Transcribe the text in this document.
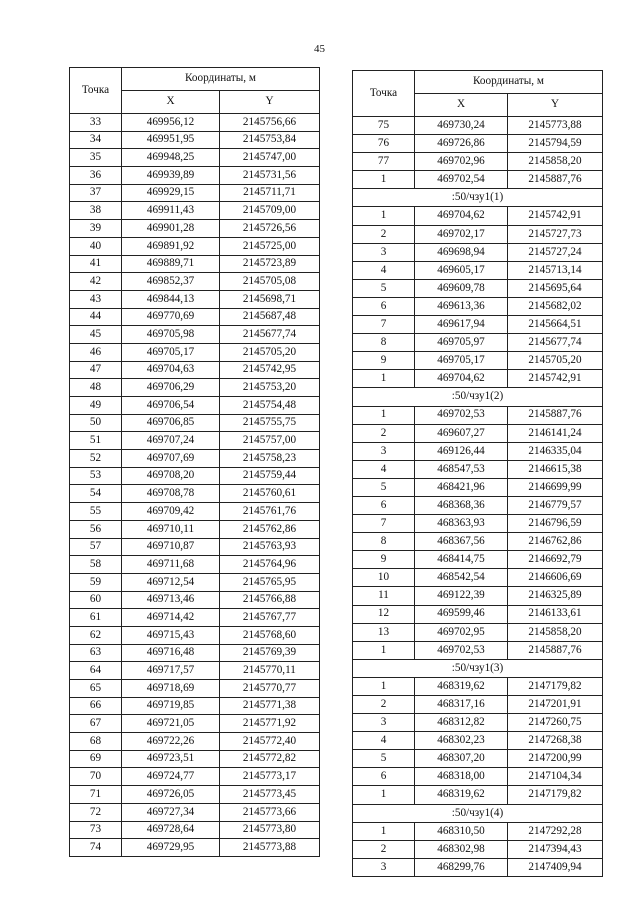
45
Точка	Координаты, м	
	X	Y
33	469956,12	2145756,66
34	469951,95	2145753,84
35	469948,25	2145747,00
36	469939,89	2145731,56
37	469929,15	2145711,71
38	469911,43	2145709,00
39	469901,28	2145726,56
40	469891,92	2145725,00
41	469889,71	2145723,89
42	469852,37	2145705,08
43	469844,13	2145698,71
44	469770,69	2145687,48
45	469705,98	2145677,74
46	469705,17	2145705,20
47	469704,63	2145742,95
48	469706,29	2145753,20
49	469706,54	2145754,48
50	469706,85	2145755,75
51	469707,24	2145757,00
52	469707,69	2145758,23
53	469708,20	2145759,44
54	469708,78	2145760,61
55	469709,42	2145761,76
56	469710,11	2145762,86
57	469710,87	2145763,93
58	469711,68	2145764,96
59	469712,54	2145765,95
60	469713,46	2145766,88
61	469714,42	2145767,77
62	469715,43	2145768,60
63	469716,48	2145769,39
64	469717,57	2145770,11
65	469718,69	2145770,77
66	469719,85	2145771,38
67	469721,05	2145771,92
68	469722,26	2145772,40
69	469723,51	2145772,82
70	469724,77	2145773,17
71	469726,05	2145773,45
72	469727,34	2145773,66
73	469728,64	2145773,80
74	469729,95	2145773,88
Точка	Координаты, м	
	X	Y
75	469730,24	2145773,88
76	469726,86	2145794,59
77	469702,96	2145858,20
1	469702,54	2145887,76
:50/чзу1(1)		
1	469704,62	2145742,91
2	469702,17	2145727,73
3	469698,94	2145727,24
4	469605,17	2145713,14
5	469609,78	2145695,64
6	469613,36	2145682,02
7	469617,94	2145664,51
8	469705,97	2145677,74
9	469705,17	2145705,20
1	469704,62	2145742,91
:50/чзу1(2)		
1	469702,53	2145887,76
2	469607,27	2146141,24
3	469126,44	2146335,04
4	468547,53	2146615,38
5	468421,96	2146699,99
6	468368,36	2146779,57
7	468363,93	2146796,59
8	468367,56	2146762,86
9	468414,75	2146692,79
10	468542,54	2146606,69
11	469122,39	2146325,89
12	469599,46	2146133,61
13	469702,95	2145858,20
1	469702,53	2145887,76
:50/чзу1(3)		
1	468319,62	2147179,82
2	468317,16	2147201,91
3	468312,82	2147260,75
4	468302,23	2147268,38
5	468307,20	2147200,99
6	468318,00	2147104,34
1	468319,62	2147179,82
:50/чзу1(4)		
1	468310,50	2147292,28
2	468302,98	2147394,43
3	468299,76	2147409,94
